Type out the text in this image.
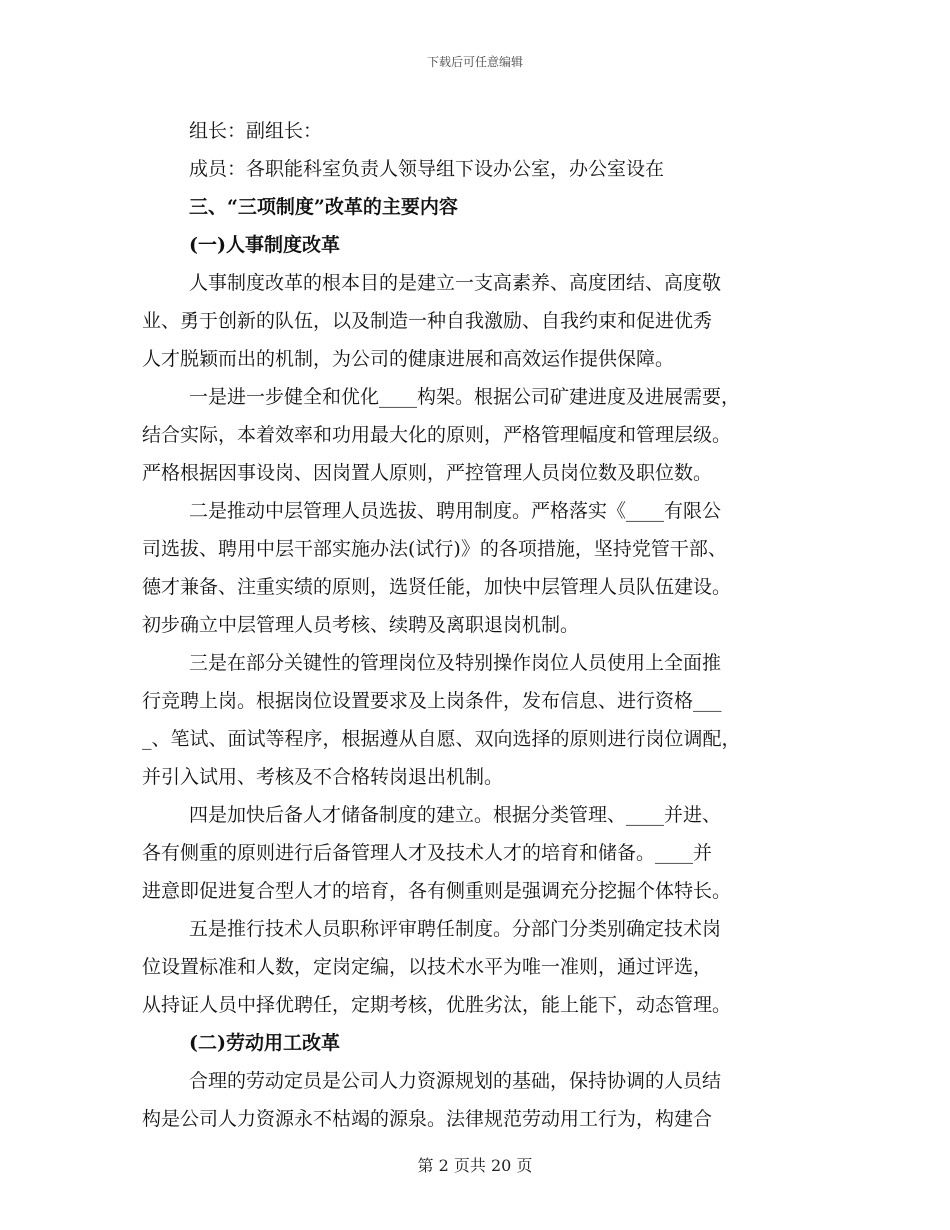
下载后可任意编辑
组长：副组长：
成员：各职能科室负责人领导组下设办公室，办公室设在
三、“三项制度”改革的主要内容
(一)人事制度改革
人事制度改革的根本目的是建立一支高素养、高度团结、高度敬
业、勇于创新的队伍，以及制造一种自我激励、自我约束和促进优秀
人才脱颖而出的机制，为公司的健康进展和高效运作提供保障。
一是进一步健全和优化____构架。根据公司矿建进度及进展需要，
结合实际，本着效率和功用最大化的原则，严格管理幅度和管理层级。
严格根据因事设岗、因岗置人原则，严控管理人员岗位数及职位数。
二是推动中层管理人员选拔、聘用制度。严格落实《____有限公
司选拔、聘用中层干部实施办法(试行)》的各项措施，坚持党管干部、
德才兼备、注重实绩的原则，选贤任能，加快中层管理人员队伍建设。
初步确立中层管理人员考核、续聘及离职退岗机制。
三是在部分关键性的管理岗位及特别操作岗位人员使用上全面推
行竞聘上岗。根据岗位设置要求及上岗条件，发布信息、进行资格___
_、笔试、面试等程序，根据遵从自愿、双向选择的原则进行岗位调配，
并引入试用、考核及不合格转岗退出机制。
四是加快后备人才储备制度的建立。根据分类管理、____并进、
各有侧重的原则进行后备管理人才及技术人才的培育和储备。____并
进意即促进复合型人才的培育，各有侧重则是强调充分挖掘个体特长。
五是推行技术人员职称评审聘任制度。分部门分类别确定技术岗
位设置标准和人数，定岗定编，以技术水平为唯一准则，通过评选，
从持证人员中择优聘任，定期考核，优胜劣汰，能上能下，动态管理。
(二)劳动用工改革
合理的劳动定员是公司人力资源规划的基础，保持协调的人员结
构是公司人力资源永不枯竭的源泉。法律规范劳动用工行为，构建合
第 2 页共 20 页
